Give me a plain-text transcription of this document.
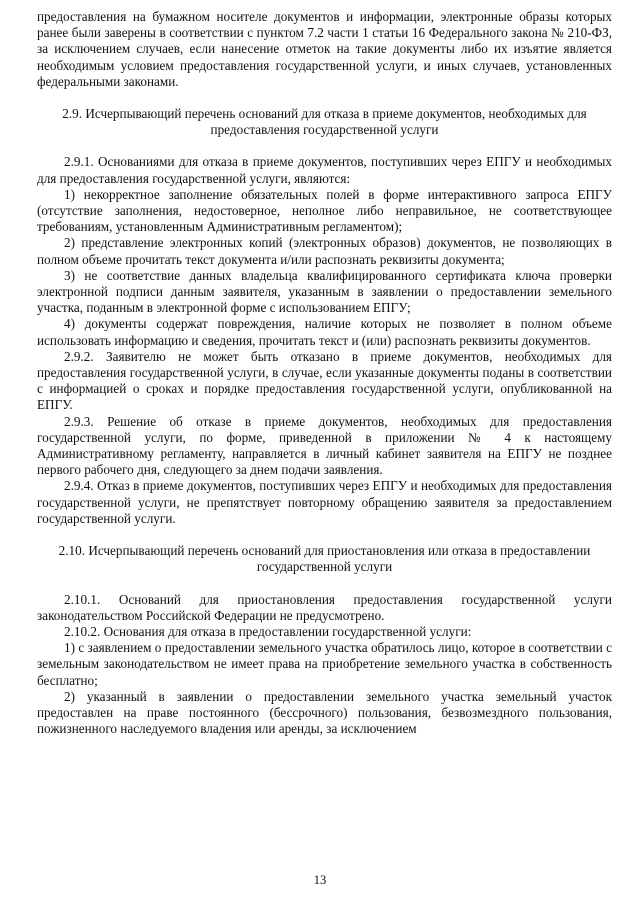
предоставления на бумажном носителе документов и информации, электронные образы которых ранее были заверены в соответствии с пунктом 7.2 части 1 статьи 16 Федерального закона № 210-ФЗ, за исключением случаев, если нанесение отметок на такие документы либо их изъятие является необходимым условием предоставления государственной услуги, и иных случаев, установленных федеральными законами.

2.9. Исчерпывающий перечень оснований для отказа в приеме документов, необходимых для предоставления государственной услуги

2.9.1. Основаниями для отказа в приеме документов, поступивших через ЕПГУ и необходимых для предоставления государственной услуги, являются:

1) некорректное заполнение обязательных полей в форме интерактивного запроса ЕПГУ (отсутствие заполнения, недостоверное, неполное либо неправильное, не соответствующее требованиям, установленным Административным регламентом);

2) представление электронных копий (электронных образов) документов, не позволяющих в полном объеме прочитать текст документа и/или распознать реквизиты документа;

3) не соответствие данных владельца квалифицированного сертификата ключа проверки электронной подписи данным заявителя, указанным в заявлении о предоставлении земельного участка, поданным в электронной форме с использованием ЕПГУ;

4) документы содержат повреждения, наличие которых не позволяет в полном объеме использовать информацию и сведения, прочитать текст и (или) распознать реквизиты документов.

2.9.2. Заявителю не может быть отказано в приеме документов, необходимых для предоставления государственной услуги, в случае, если указанные документы поданы в соответствии с информацией о сроках и порядке предоставления государственной услуги, опубликованной на ЕПГУ.

2.9.3. Решение об отказе в приеме документов, необходимых для предоставления государственной услуги, по форме, приведенной в приложении № 4 к настоящему Административному регламенту, направляется в личный кабинет заявителя на ЕПГУ не позднее первого рабочего дня, следующего за днем подачи заявления.

2.9.4. Отказ в приеме документов, поступивших через ЕПГУ и необходимых для предоставления государственной услуги, не препятствует повторному обращению заявителя за предоставлением государственной услуги.

2.10. Исчерпывающий перечень оснований для приостановления или отказа в предоставлении государственной услуги

2.10.1. Оснований для приостановления предоставления государственной услуги законодательством Российской Федерации не предусмотрено.

2.10.2. Основания для отказа в предоставлении государственной услуги:

1) с заявлением о предоставлении земельного участка обратилось лицо, которое в соответствии с земельным законодательством не имеет права на приобретение земельного участка в собственность бесплатно;

2) указанный в заявлении о предоставлении земельного участка земельный участок предоставлен на праве постоянного (бессрочного) пользования, безвозмездного пользования, пожизненного наследуемого владения или аренды, за исключением

13
